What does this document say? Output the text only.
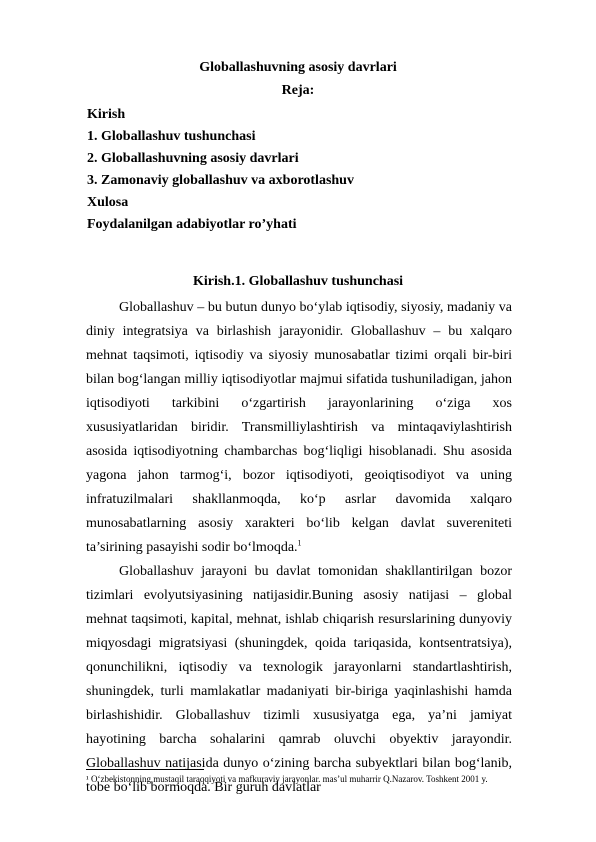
Globallashuvning asosiy davrlari
Reja:
Kirish
1. Globallashuv tushunchasi
2. Globallashuvning asosiy davrlari
3. Zamonaviy globallashuv va axborotlashuv
Xulosa
Foydalanilgan adabiyotlar ro’yhati
Kirish.1. Globallashuv tushunchasi

Globallashuv – bu butun dunyo bo‘ylab iqtisodiy, siyosiy, madaniy va diniy integratsiya va birlashish jarayonidir. Globallashuv – bu xalqaro mehnat taqsimoti, iqtisodiy va siyosiy munosabatlar tizimi orqali bir-biri bilan bog‘langan milliy iqtisodiyotlar majmui sifatida tushuniladigan, jahon iqtisodiyoti tarkibini o‘zgartirish jarayonlarining o‘ziga xos xususiyatlaridan biridir. Transmilliylashtirish va mintaqaviylashtirish asosida iqtisodiyotning chambarchas bog‘liqligi hisoblanadi. Shu asosida yagona jahon tarmog‘i, bozor iqtisodiyoti, geoiqtisodiyot va uning infratuzilmalari shakllanmoqda, ko‘p asrlar davomida xalqaro munosabatlarning asosiy xarakteri bo‘lib kelgan davlat suvereniteti ta’sirining pasayishi sodir bo‘lmoqda.$^1$

Globallashuv jarayoni bu davlat tomonidan shakllantirilgan bozor tizimlari evolyutsiyasining natijasidir.Buning asosiy natijasi – global mehnat taqsimoti, kapital, mehnat, ishlab chiqarish resurslarining dunyoviy miqyosdagi migratsiyasi (shuningdek, qoida tariqasida, kontsentratsiya), qonunchilikni, iqtisodiy va texnologik jarayonlarni standartlashtirish, shuningdek, turli mamlakatlar madaniyati bir-biriga yaqinlashishi hamda birlashishidir. Globallashuv tizimli xususiyatga ega, ya’ni jamiyat hayotining barcha sohalarini qamrab oluvchi obyektiv jarayondir. Globallashuv natijasida dunyo o‘zining barcha subyektlari bilan bog‘lanib, tobe bo‘lib bormoqda. Bir guruh davlatlar

¹ O‘zbekistonning mustaqil taraqqiyoti va mafkuraviy jarayonlar. mas’ul muharrir Q.Nazarov. Toshkent 2001 y.
